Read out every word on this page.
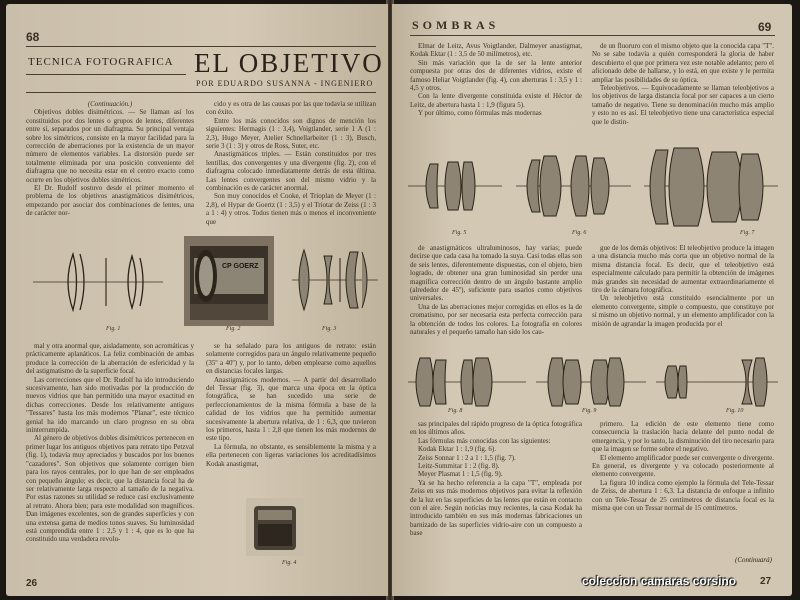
68
TECNICA FOTOGRAFICA EL OBJETIVO
POR EDUARDO SUSANNA - INGENIERO

(Continuación.)

Objetivos dobles disimétricos. — Se llaman así los constituidos por dos lentes o grupos de lentes, diferentes entre sí, separados por un diafragma. Su principal ventaja sobre los simétricos, consiste en la mayor facilidad para la corrección de aberraciones por la existencia de un mayor número de elementos variables. La distorsión puede ser totalmente eliminada por una posición conveniente del diafragma que no necesita estar en el centro exacto como ocurre en los objetivos dobles simétricos.

El Dr. Rudolf sostuvo desde el primer momento el problema de los objetivos anastigmáticos disimétricos, empezando por asociar dos combinaciones de lentes, una de carácter nor-

cido y es otra de las causas por las que todavía se utilizan con éxito.

Entre los más conocidos son dignos de mención los siguientes: Hermagis (1 : 3,4), Voigtlander, serie 1 A (1 : 2,3), Hugo Meyer, Atelier Schnellarbeiter (1 : 3), Busch, serie 3 (1 : 3) y otros de Ross, Suter, etc.

Anastigmáticos triples. — Están constituidos por tres lentillas, dos convergentes y una divergente (fig. 2), con el diafragma colocado inmediatamente detrás de esta última. Las lentes convergentes son del mismo vidrio y la combinación es de carácter anormal.

Son muy conocidos el Cooke, el Trioplan de Meyer (1 : 2,8), el Hypar de Goertz (1 : 3,5) y el Triotar de Zeiss (1 : 3 a 1 : 4) y otros. Todos tienen más o menos el inconveniente que

Fig. 1
CP GOERZ
Fig. 2	Fig. 3

mal y otra anormal que, aisladamente, son acromáticas y prácticamente aplanáticos. La feliz combinación de ambas produce la corrección de la aberración de esfericidad y la del astigmatismo de la superficie focal.

Las correcciones que el Dr. Rudolf ha ido introduciendo sucesivamente, han sido motivadas por la producción de nuevos vidrios que han permitido una mayor exactitud en dichas correcciones. Desde los relativamente antiguos "Tessares" hasta los más modernos "Planar", este técnico genial ha ido marcando un claro progreso en su obra ininterrumpida.

Al género de objetivos dobles disimétricos pertenecen en primer lugar los antiguos objetivos para retrato tipo Petzval (fig. 1), todavía muy apreciados y buscados por los buenos "cazadores". Son objetivos que solamente corrigen bien para los rayos centrales, por lo que han de ser empleados con pequeño ángulo; es decir, que la distancia focal ha de ser relativamente larga respecto al tamaño de la negativa. Por estas razones su utilidad se reduce casi exclusivamente al retrato. Ahora bien; para este modalidad son magníficos. Dan imágenes excelentes, son de grandes superficies y con una extensa gama de medios tonos suaves. Su luminosidad está comprendida entre 1 : 2,5 y 1 : 4, que es lo que ha constituido una verdadera revolu-

se ha señalado para los antiguos de retrato: están solamente corregidos para un ángulo relativamente pequeño (35º a 40º) y, por lo tanto, deben emplearse como aquellos en distancias focales largas.

Anastigmáticos modernos. — A partir del desarrollado del Tessar (fig. 3), que marca una época en la óptica fotográfica, se han sucedido una serie de perfeccionamientos de la misma fórmula a base de la calidad de los vidrios que ha permitido aumentar sucesivamente la abertura relativa, de 1 : 6,3, que tuvieron los primeros, hasta 1 : 2,8 que tienen los más modernos de este tipo.

La fórmula, no obstante, es sensiblemente la misma y a ella pertenecen con ligeras variaciones los acreditadísimos Kodak anastigmat,

Fig. 4
26
SOMBRAS	69

Elmar de Leitz, Avus Voigtlander, Dalmeyer anastigmat, Kodak Ektar (1 : 3,5 de 50 milímetros), etc.

Sin más variación que la de ser la lente anterior compuesta por otras dos de diferentes vidrios, existe el famoso Heliar Voigtlander (fig. 4), con aberturas 1 : 3,5 y 1 : 4,5 y otros.

Con la lente divergente constituida existe el Héctor de Leitz, de abertura hasta 1 : 1,9 (figura 5).

Y por último, como fórmulas más modernas

de un fluoruro con el mismo objeto que la conocida capa "T". No se sabe todavía a quién corresponderá la gloria de haber descubierto el que por primera vez este notable adelanto; pero el aficionado debe de hallarse, y lo está, en que existe y le permita ampliar las posibilidades de su óptica.

Teleobjetivos. — Equivocadamente se llaman teleobjetivos a los objetivos de larga distancia focal por ser capaces a un cierto tamaño de negativo. Tiene su denominación mucho más amplio y esto no es así. El teleobjetivo tiene una característica especial que le distin-

Fig. 5	Fig. 6	Fig. 7

de anastigmáticos ultraluminosos, hay varias; puede decirse que cada casa ha tomado la suya. Casi todas ellas son de seis lentes, diferentemente dispuestas, con el objeto, bien logrado, de obtener una gran luminosidad sin perder una magnífica corrección dentro de un ángulo bastante amplio (alrededor de 45º), suficiente para usarlos como objetivos universales.

Una de las aberraciones mejor corregidas en ellos es la de cromatismo, por ser necesaria esta perfecta corrección para la obtención de todos los colores. La fotografía en colores naturales y el pequeño tamaño han sido los cau-

gue de los demás objetivos: El teleobjetivo produce la imagen a una distancia mucho más corta que un objetivo normal de la misma distancia focal. Es decir, que el teleobjetivo está especialmente calculado para permitir la obtención de imágenes más grandes sin necesidad de aumentar extraordinariamente el tiro de la cámara fotográfica.

Un teleobjetivo está constituido esencialmente por un elemento convergente, simple o compuesto, que constituye por sí mismo un objetivo normal, y un elemento amplificador con la misión de agrandar la imagen producida por el

Fig. 8	Fig. 9	Fig. 10

sas principales del rápido progreso de la óptica fotográfica en los últimos años.

Las fórmulas más conocidas con las siguientes:

Kodak Ektar 1 : 1,9 (fig. 6).

Zeiss Sonnar 1 : 2 a 1 : 1,5 (fig. 7).

Leitz-Summitar 1 : 2 (fig. 8).

Meyer Plasmat 1 : 1,5 (fig. 9).

Ya se ha hecho referencia a la capa "T", empleada por Zeiss en sus más modernos objetivos para evitar la reflexión de la luz en las superficies de las lentes que están en contacto con el aire. Según noticias muy recientes, la casa Kodak ha introducido también en sus más modernas fabricaciones un barnizado de las superficies vidrio-aire con un compuesto a base

primero. La edición de este elemento tiene como consecuencia la traslación hacia delante del punto nodal de emergencia, y por lo tanto, la disminución del tiro necesario para que la imagen se forme sobre el negativo.

El elemento amplificador puede ser convergente o divergente. En general, es divergente y va colocado posteriormente al elemento convergente.

La figura 10 indica como ejemplo la fórmula del Tele-Tessar de Zeiss, de abertura 1 : 6,3. La distancia de enfoque a infinito con un Tele-Tessar de 25 centímetros de distancia focal es la misma que con un Tessar normal de 15 centímetros.

(Continuará)
27
coleccion camaras corsino
